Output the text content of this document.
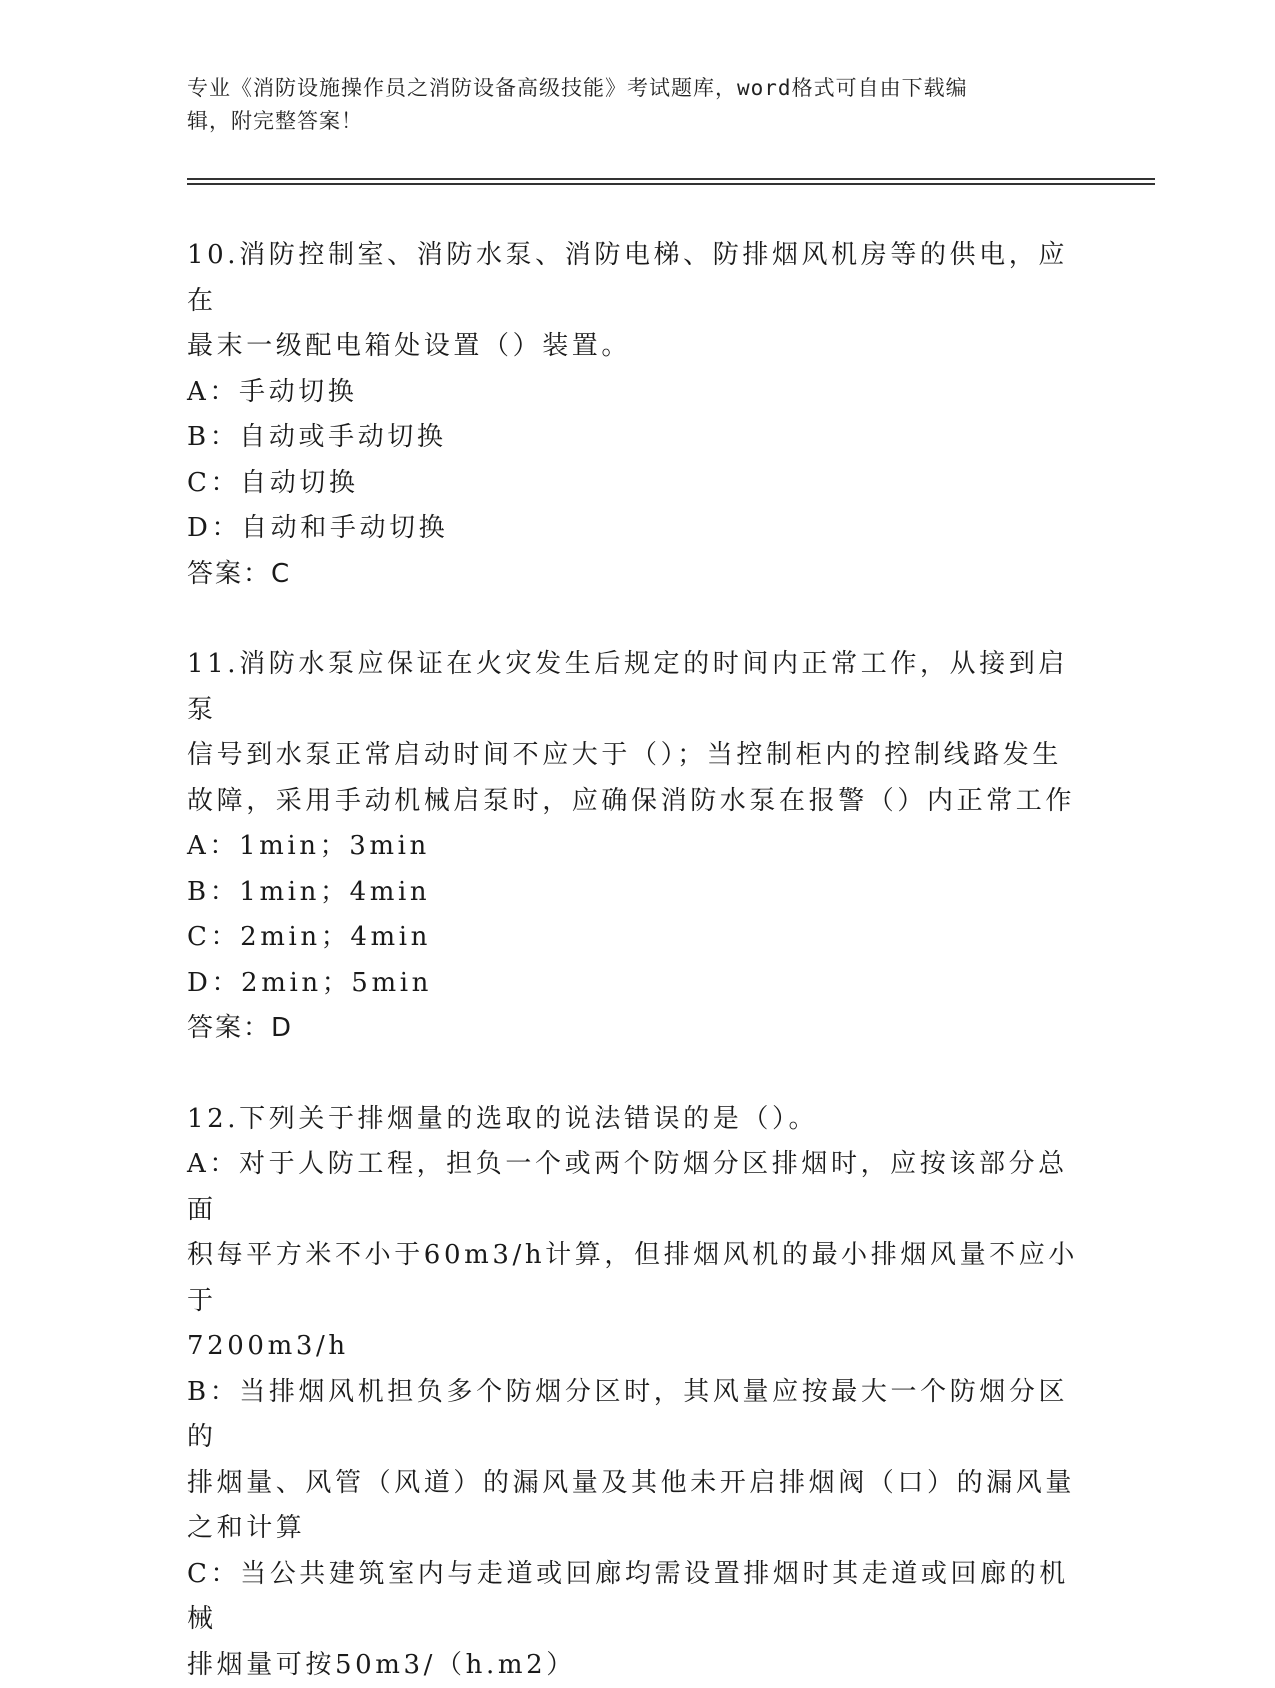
专业《消防设施操作员之消防设备高级技能》考试题库，word格式可自由下载编
辑，附完整答案！

10.消防控制室、消防水泵、消防电梯、防排烟风机房等的供电，应在

最末一级配电箱处设置（）装置。

A：手动切换

B：自动或手动切换

C：自动切换

D：自动和手动切换

答案：C

11.消防水泵应保证在火灾发生后规定的时间内正常工作，从接到启泵

信号到水泵正常启动时间不应大于（）；当控制柜内的控制线路发生

故障，采用手动机械启泵时，应确保消防水泵在报警（）内正常工作

A：1min；3min

B：1min；4min

C：2min；4min

D：2min；5min

答案：D

12.下列关于排烟量的选取的说法错误的是（）。

A：对于人防工程，担负一个或两个防烟分区排烟时，应按该部分总面

积每平方米不小于60m3/h计算，但排烟风机的最小排烟风量不应小于

7200m3/h

B：当排烟风机担负多个防烟分区时，其风量应按最大一个防烟分区的

排烟量、风管（风道）的漏风量及其他未开启排烟阀（口）的漏风量

之和计算

C：当公共建筑室内与走道或回廊均需设置排烟时其走道或回廊的机械

排烟量可按50m3/（h.m2）
